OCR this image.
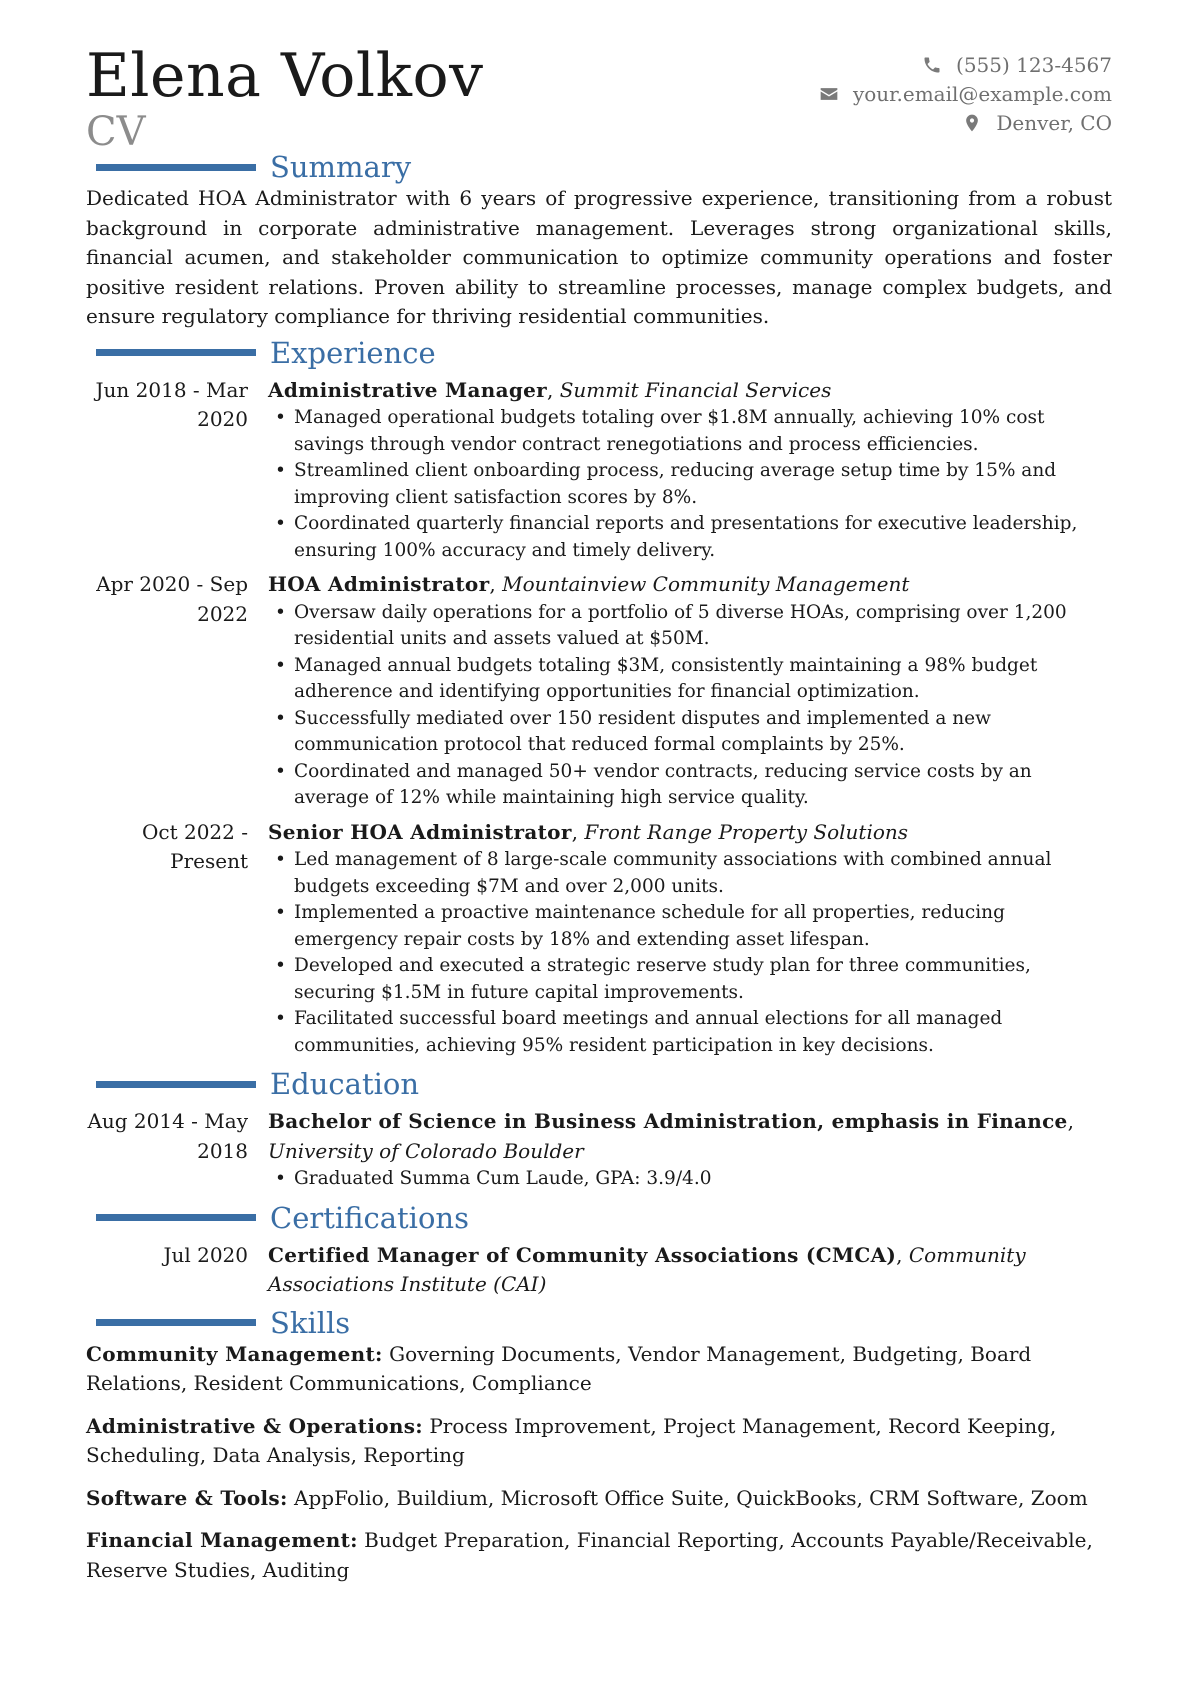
Elena Volkov
CV
(555) 123-4567
your.email@example.com
Denver, CO
Summary

Dedicated HOA Administrator with 6 years of progressive experience, transitioning from a robust background in corporate administrative management. Leverages strong organizational skills, financial acumen, and stakeholder communication to optimize community operations and foster positive resident relations. Proven ability to streamline processes, manage complex budgets, and ensure regulatory compliance for thriving residential communities.

Experience
Jun 2018 - Mar 2020
Administrative Manager, Summit Financial Services
• Managed operational budgets totaling over $1.8M annually, achieving 10% cost savings through vendor contract renegotiations and process efficiencies.
• Streamlined client onboarding process, reducing average setup time by 15% and improving client satisfaction scores by 8%.
• Coordinated quarterly financial reports and presentations for executive leadership, ensuring 100% accuracy and timely delivery.
Apr 2020 - Sep 2022
HOA Administrator, Mountainview Community Management
• Oversaw daily operations for a portfolio of 5 diverse HOAs, comprising over 1,200 residential units and assets valued at $50M.
• Managed annual budgets totaling $3M, consistently maintaining a 98% budget adherence and identifying opportunities for financial optimization.
• Successfully mediated over 150 resident disputes and implemented a new communication protocol that reduced formal complaints by 25%.
• Coordinated and managed 50+ vendor contracts, reducing service costs by an average of 12% while maintaining high service quality.
Oct 2022 - Present
Senior HOA Administrator, Front Range Property Solutions
• Led management of 8 large-scale community associations with combined annual budgets exceeding $7M and over 2,000 units.
• Implemented a proactive maintenance schedule for all properties, reducing emergency repair costs by 18% and extending asset lifespan.
• Developed and executed a strategic reserve study plan for three communities, securing $1.5M in future capital improvements.
• Facilitated successful board meetings and annual elections for all managed communities, achieving 95% resident participation in key decisions.
Education
Aug 2014 - May 2018
Bachelor of Science in Business Administration, emphasis in Finance, University of Colorado Boulder
• Graduated Summa Cum Laude, GPA: 3.9/4.0
Certifications
Jul 2020	Certified Manager of Community Associations (CMCA), Community Associations Institute (CAI)
Skills

Community Management: Governing Documents, Vendor Management, Budgeting, Board Relations, Resident Communications, Compliance

Administrative & Operations: Process Improvement, Project Management, Record Keeping, Scheduling, Data Analysis, Reporting

Software & Tools: AppFolio, Buildium, Microsoft Office Suite, QuickBooks, CRM Software, Zoom

Financial Management: Budget Preparation, Financial Reporting, Accounts Payable/Receivable, Reserve Studies, Auditing
